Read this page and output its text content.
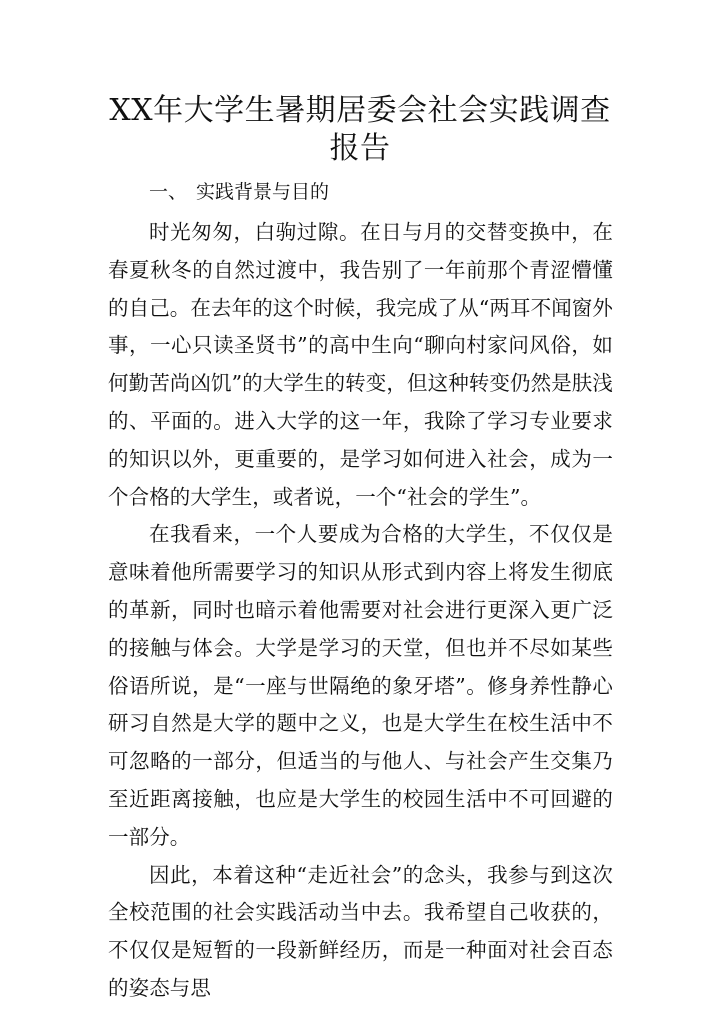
XX年大学生暑期居委会社会实践调查报告
一、 实践背景与目的

时光匆匆，白驹过隙。在日与月的交替变换中，在春夏秋冬的自然过渡中，我告别了一年前那个青涩懵懂的自己。在去年的这个时候，我完成了从“两耳不闻窗外事，一心只读圣贤书”的高中生向“聊向村家问风俗，如何勤苦尚凶饥”的大学生的转变，但这种转变仍然是肤浅的、平面的。进入大学的这一年，我除了学习专业要求的知识以外，更重要的，是学习如何进入社会，成为一个合格的大学生，或者说，一个“社会的学生”。

在我看来，一个人要成为合格的大学生，不仅仅是意味着他所需要学习的知识从形式到内容上将发生彻底的革新，同时也暗示着他需要对社会进行更深入更广泛的接触与体会。大学是学习的天堂，但也并不尽如某些俗语所说，是“一座与世隔绝的象牙塔”。修身养性静心研习自然是大学的题中之义，也是大学生在校生活中不可忽略的一部分，但适当的与他人、与社会产生交集乃至近距离接触，也应是大学生的校园生活中不可回避的一部分。

因此，本着这种“走近社会”的念头，我参与到这次全校范围的社会实践活动当中去。我希望自己收获的，不仅仅是短暂的一段新鲜经历，而是一种面对社会百态的姿态与思
